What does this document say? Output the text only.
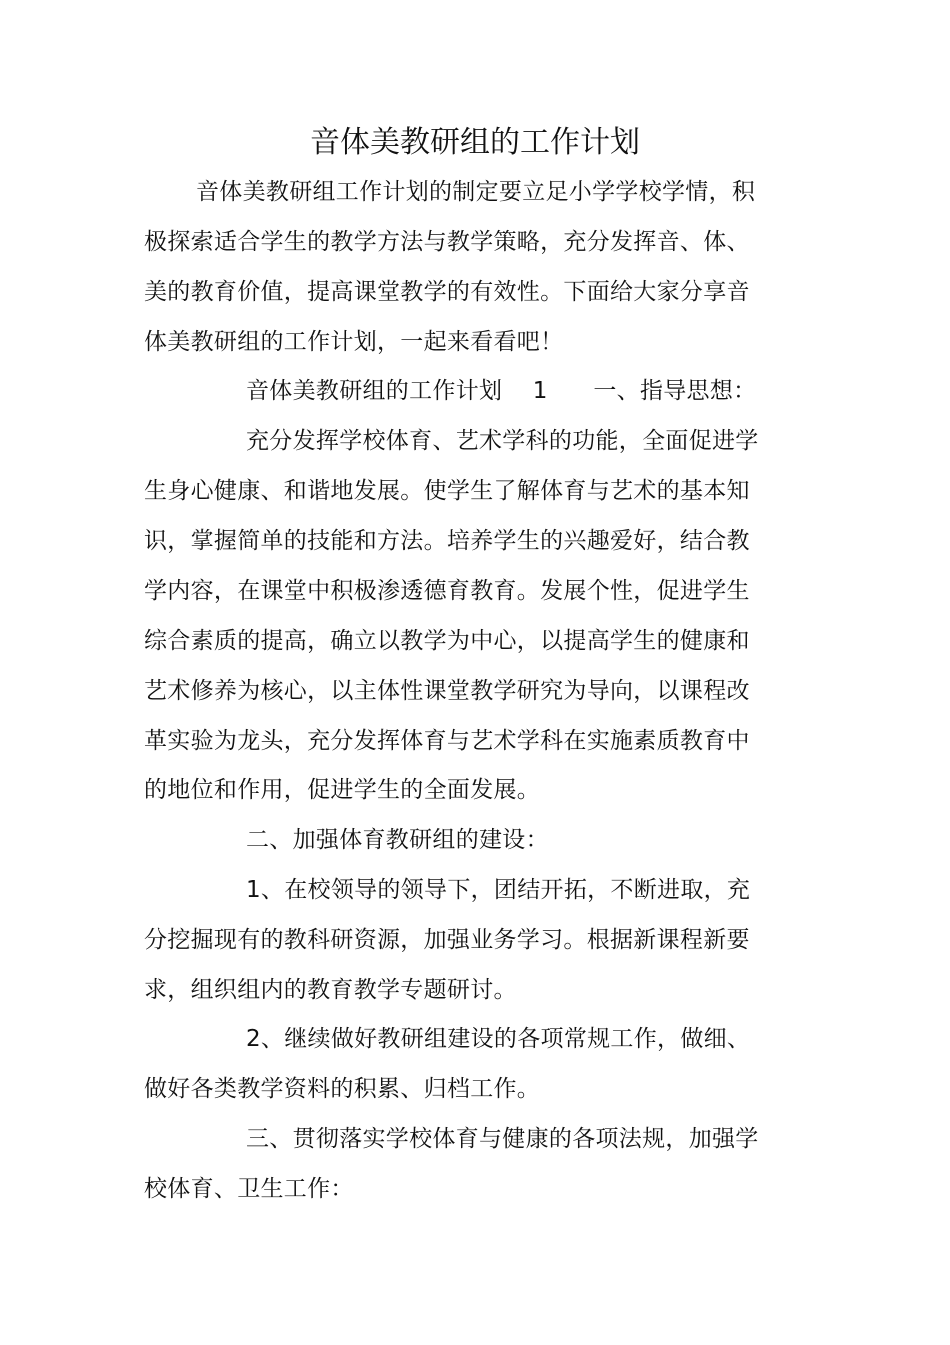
音体美教研组的工作计划
音体美教研组工作计划的制定要立足小学学校学情，积
极探索适合学生的教学方法与教学策略，充分发挥音、体、
美的教育价值，提高课堂教学的有效性。下面给大家分享音
体美教研组的工作计划，一起来看看吧！
音体美教研组的工作计划    1      一、指导思想：
充分发挥学校体育、艺术学科的功能，全面促进学
生身心健康、和谐地发展。使学生了解体育与艺术的基本知
识，掌握简单的技能和方法。培养学生的兴趣爱好，结合教
学内容，在课堂中积极渗透德育教育。发展个性，促进学生
综合素质的提高，确立以教学为中心，以提高学生的健康和
艺术修养为核心，以主体性课堂教学研究为导向，以课程改
革实验为龙头，充分发挥体育与艺术学科在实施素质教育中
的地位和作用，促进学生的全面发展。
二、加强体育教研组的建设：
1、在校领导的领导下，团结开拓，不断进取，充
分挖掘现有的教科研资源，加强业务学习。根据新课程新要
求，组织组内的教育教学专题研讨。
2、继续做好教研组建设的各项常规工作，做细、
做好各类教学资料的积累、归档工作。
三、贯彻落实学校体育与健康的各项法规，加强学
校体育、卫生工作：
